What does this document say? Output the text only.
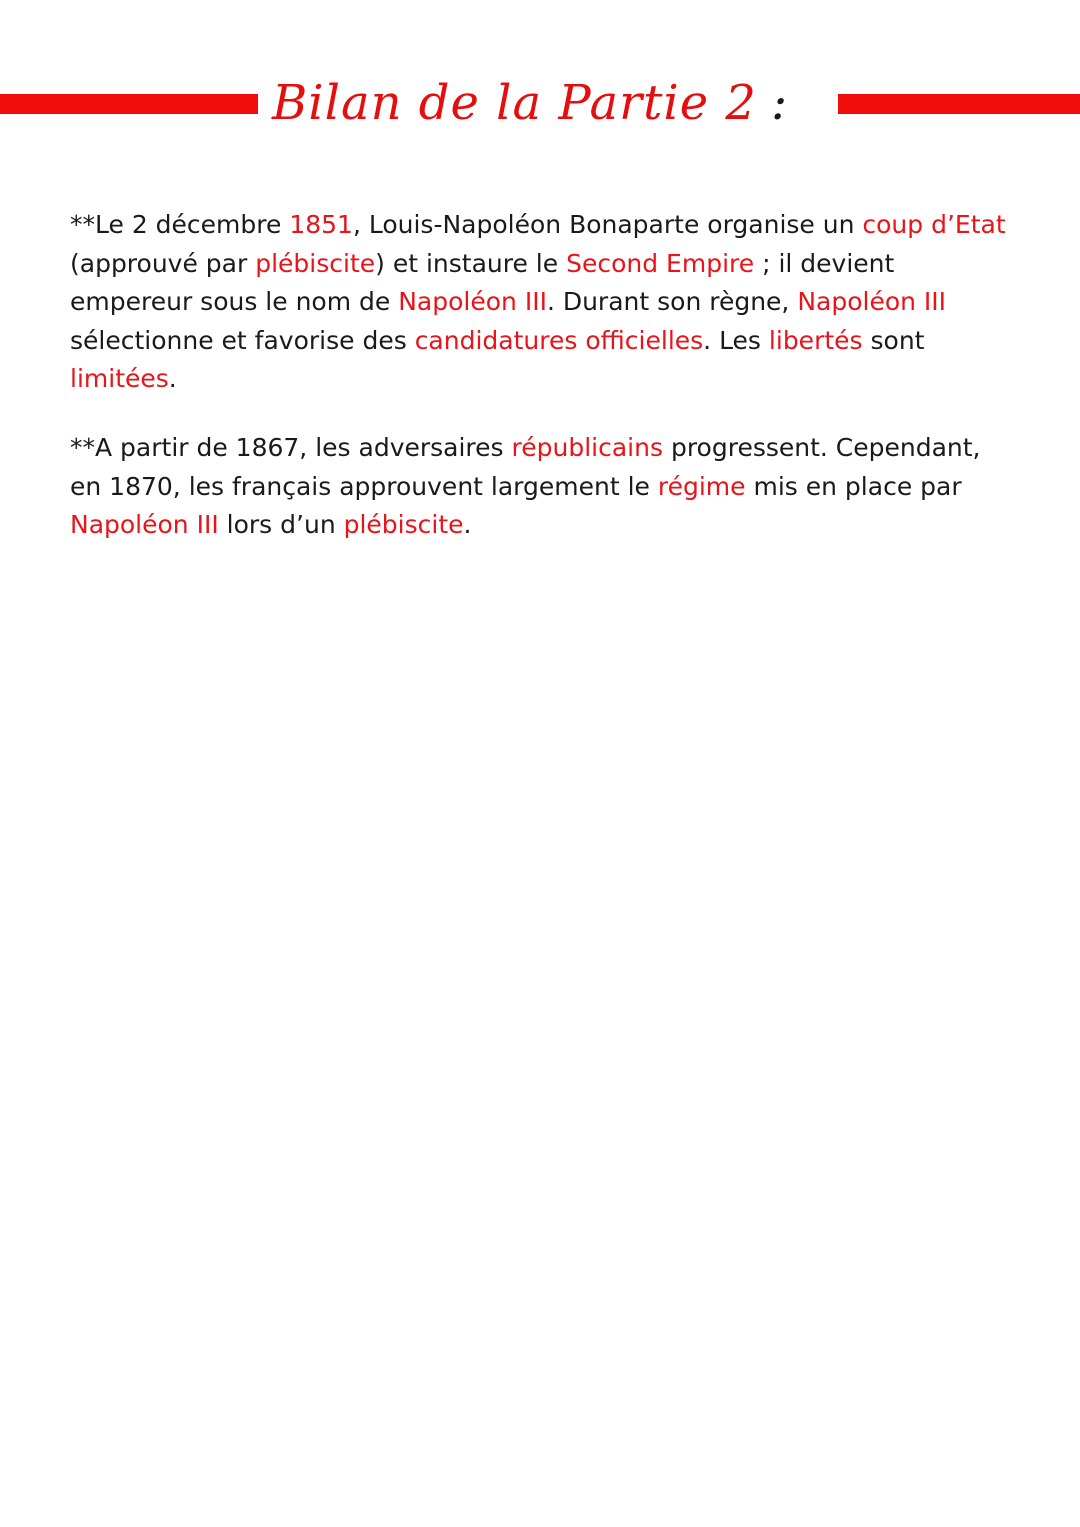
Bilan de la Partie 2 :

**Le 2 décembre 1851, Louis-Napoléon Bonaparte organise un coup d’Etat (approuvé par plébiscite) et instaure le Second Empire ; il devient empereur sous le nom de Napoléon III. Durant son règne, Napoléon III sélectionne et favorise des candidatures officielles. Les libertés sont limitées.

**A partir de 1867, les adversaires républicains progressent. Cependant, en 1870, les français approuvent largement le régime mis en place par Napoléon III lors d’un plébiscite.
